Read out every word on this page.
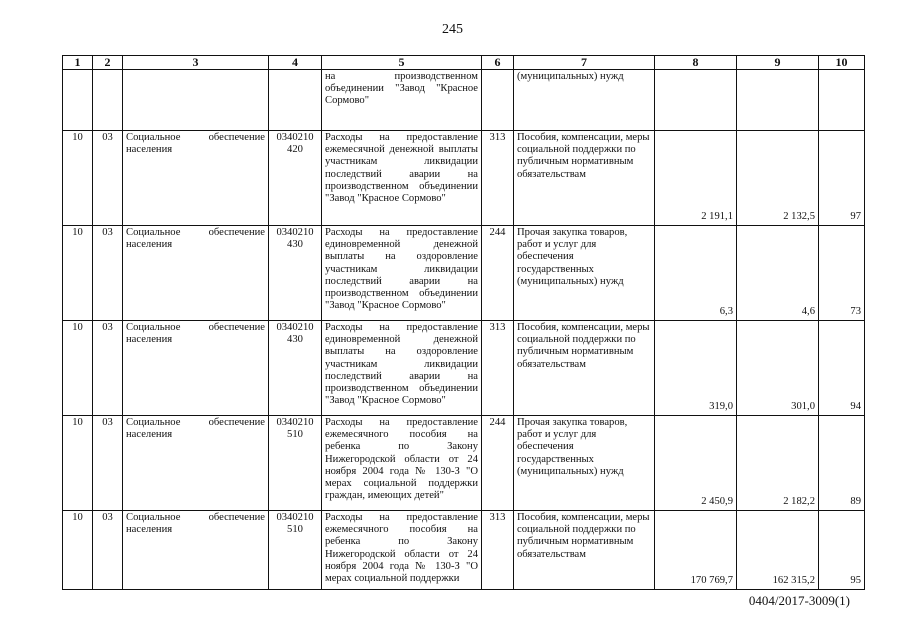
245
1	2	3	4	5	6	7	8	9	10
				на производственном объединении "Завод "Красное Сормово"		(муниципальных) нужд			
10	03	Социальное обеспечение населения	0340210 420	Расходы на предоставление ежемесячной денежной выплаты участникам ликвидации последствий аварии на производственном объединении "Завод "Красное Сормово"	313	Пособия, компенсации, меры социальной поддержки по публичным нормативным обязательствам	2 191,1	2 132,5	97
10	03	Социальное обеспечение населения	0340210 430	Расходы на предоставление единовременной денежной выплаты на оздоровление участникам ликвидации последствий аварии на производственном объединении "Завод "Красное Сормово"	244	Прочая закупка товаров, работ и услуг для обеспечения государственных (муниципальных) нужд	6,3	4,6	73
10	03	Социальное обеспечение населения	0340210 430	Расходы на предоставление единовременной денежной выплаты на оздоровление участникам ликвидации последствий аварии на производственном объединении "Завод "Красное Сормово"	313	Пособия, компенсации, меры социальной поддержки по публичным нормативным обязательствам	319,0	301,0	94
10	03	Социальное обеспечение населения	0340210 510	Расходы на предоставление ежемесячного пособия на ребенка по Закону Нижегородской области от 24 ноября 2004 года № 130-З "О мерах социальной поддержки граждан, имеющих детей"	244	Прочая закупка товаров, работ и услуг для обеспечения государственных (муниципальных) нужд	2 450,9	2 182,2	89
10	03	Социальное обеспечение населения	0340210 510	Расходы на предоставление ежемесячного пособия на ребенка по Закону Нижегородской области от 24 ноября 2004 года № 130-З "О мерах социальной поддержки	313	Пособия, компенсации, меры социальной поддержки по публичным нормативным обязательствам	170 769,7	162 315,2	95
0404/2017-3009(1)
